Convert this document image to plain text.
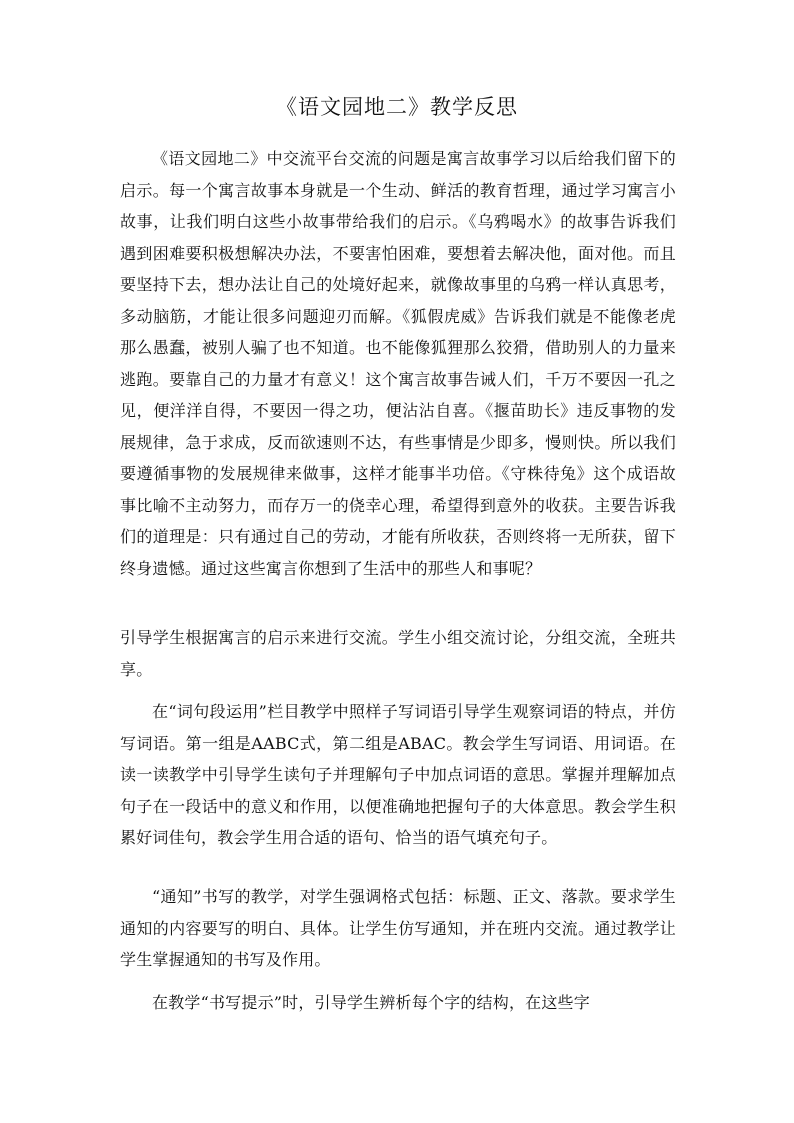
《语文园地二》教学反思

《语文园地二》中交流平台交流的问题是寓言故事学习以后给我们留下的启示。每一个寓言故事本身就是一个生动、鲜活的教育哲理，通过学习寓言小故事，让我们明白这些小故事带给我们的启示。《乌鸦喝水》的故事告诉我们遇到困难要积极想解决办法，不要害怕困难，要想着去解决他，面对他。而且要坚持下去，想办法让自己的处境好起来，就像故事里的乌鸦一样认真思考，多动脑筋，才能让很多问题迎刃而解。《狐假虎威》告诉我们就是不能像老虎那么愚蠢，被别人骗了也不知道。也不能像狐狸那么狡猾，借助别人的力量来逃跑。要靠自己的力量才有意义！这个寓言故事告诫人们，千万不要因一孔之见，便洋洋自得，不要因一得之功，便沾沾自喜。《揠苗助长》违反事物的发展规律，急于求成，反而欲速则不达，有些事情是少即多，慢则快。所以我们要遵循事物的发展规律来做事，这样才能事半功倍。《守株待兔》这个成语故事比喻不主动努力，而存万一的侥幸心理，希望得到意外的收获。主要告诉我们的道理是：只有通过自己的劳动，才能有所收获，否则终将一无所获，留下终身遗憾。通过这些寓言你想到了生活中的那些人和事呢？

引导学生根据寓言的启示来进行交流。学生小组交流讨论，分组交流，全班共享。

在“词句段运用”栏目教学中照样子写词语引导学生观察词语的特点，并仿写词语。第一组是AABC式，第二组是ABAC。教会学生写词语、用词语。在读一读教学中引导学生读句子并理解句子中加点词语的意思。掌握并理解加点句子在一段话中的意义和作用，以便准确地把握句子的大体意思。教会学生积累好词佳句，教会学生用合适的语句、恰当的语气填充句子。

“通知”书写的教学，对学生强调格式包括：标题、正文、落款。要求学生通知的内容要写的明白、具体。让学生仿写通知，并在班内交流。通过教学让学生掌握通知的书写及作用。

在教学“书写提示”时，引导学生辨析每个字的结构，在这些字
